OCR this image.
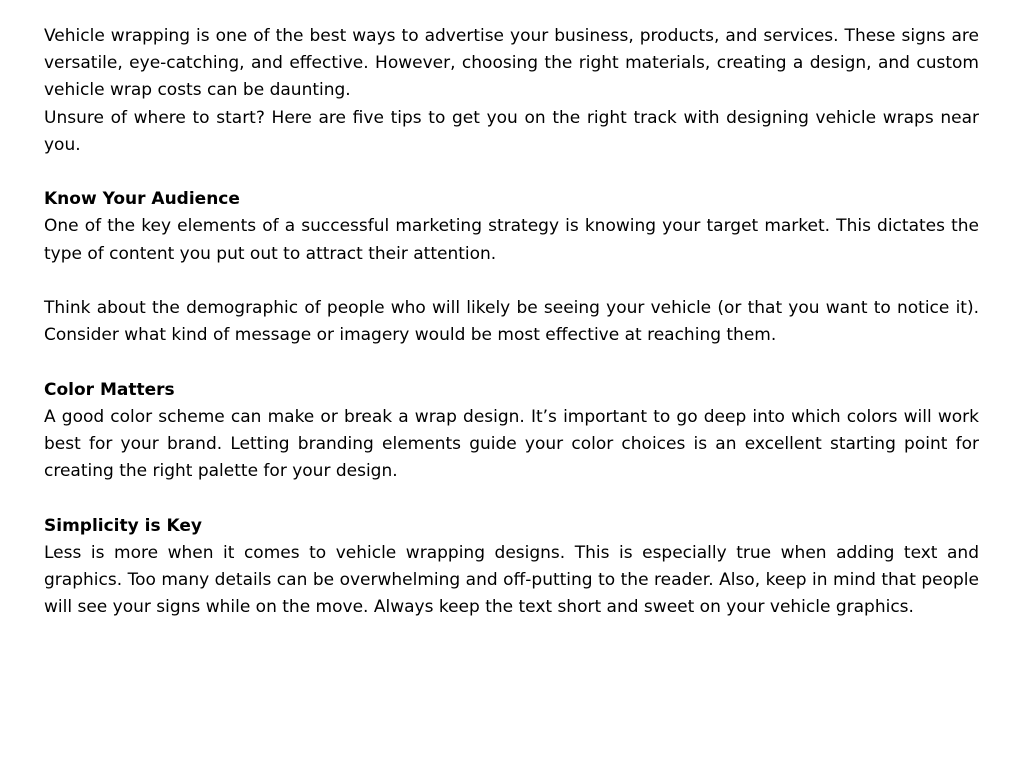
Vehicle wrapping is one of the best ways to advertise your business, products, and services. These signs are versatile, eye-catching, and effective. However, choosing the right materials, creating a design, and custom vehicle wrap costs can be daunting.

Unsure of where to start? Here are five tips to get you on the right track with designing vehicle wraps near you.

Know Your Audience

One of the key elements of a successful marketing strategy is knowing your target market. This dictates the type of content you put out to attract their attention.

Think about the demographic of people who will likely be seeing your vehicle (or that you want to notice it). Consider what kind of message or imagery would be most effective at reaching them.

Color Matters

A good color scheme can make or break a wrap design. It’s important to go deep into which colors will work best for your brand. Letting branding elements guide your color choices is an excellent starting point for creating the right palette for your design.

Simplicity is Key

Less is more when it comes to vehicle wrapping designs. This is especially true when adding text and graphics. Too many details can be overwhelming and off-putting to the reader. Also, keep in mind that people will see your signs while on the move. Always keep the text short and sweet on your vehicle graphics.
